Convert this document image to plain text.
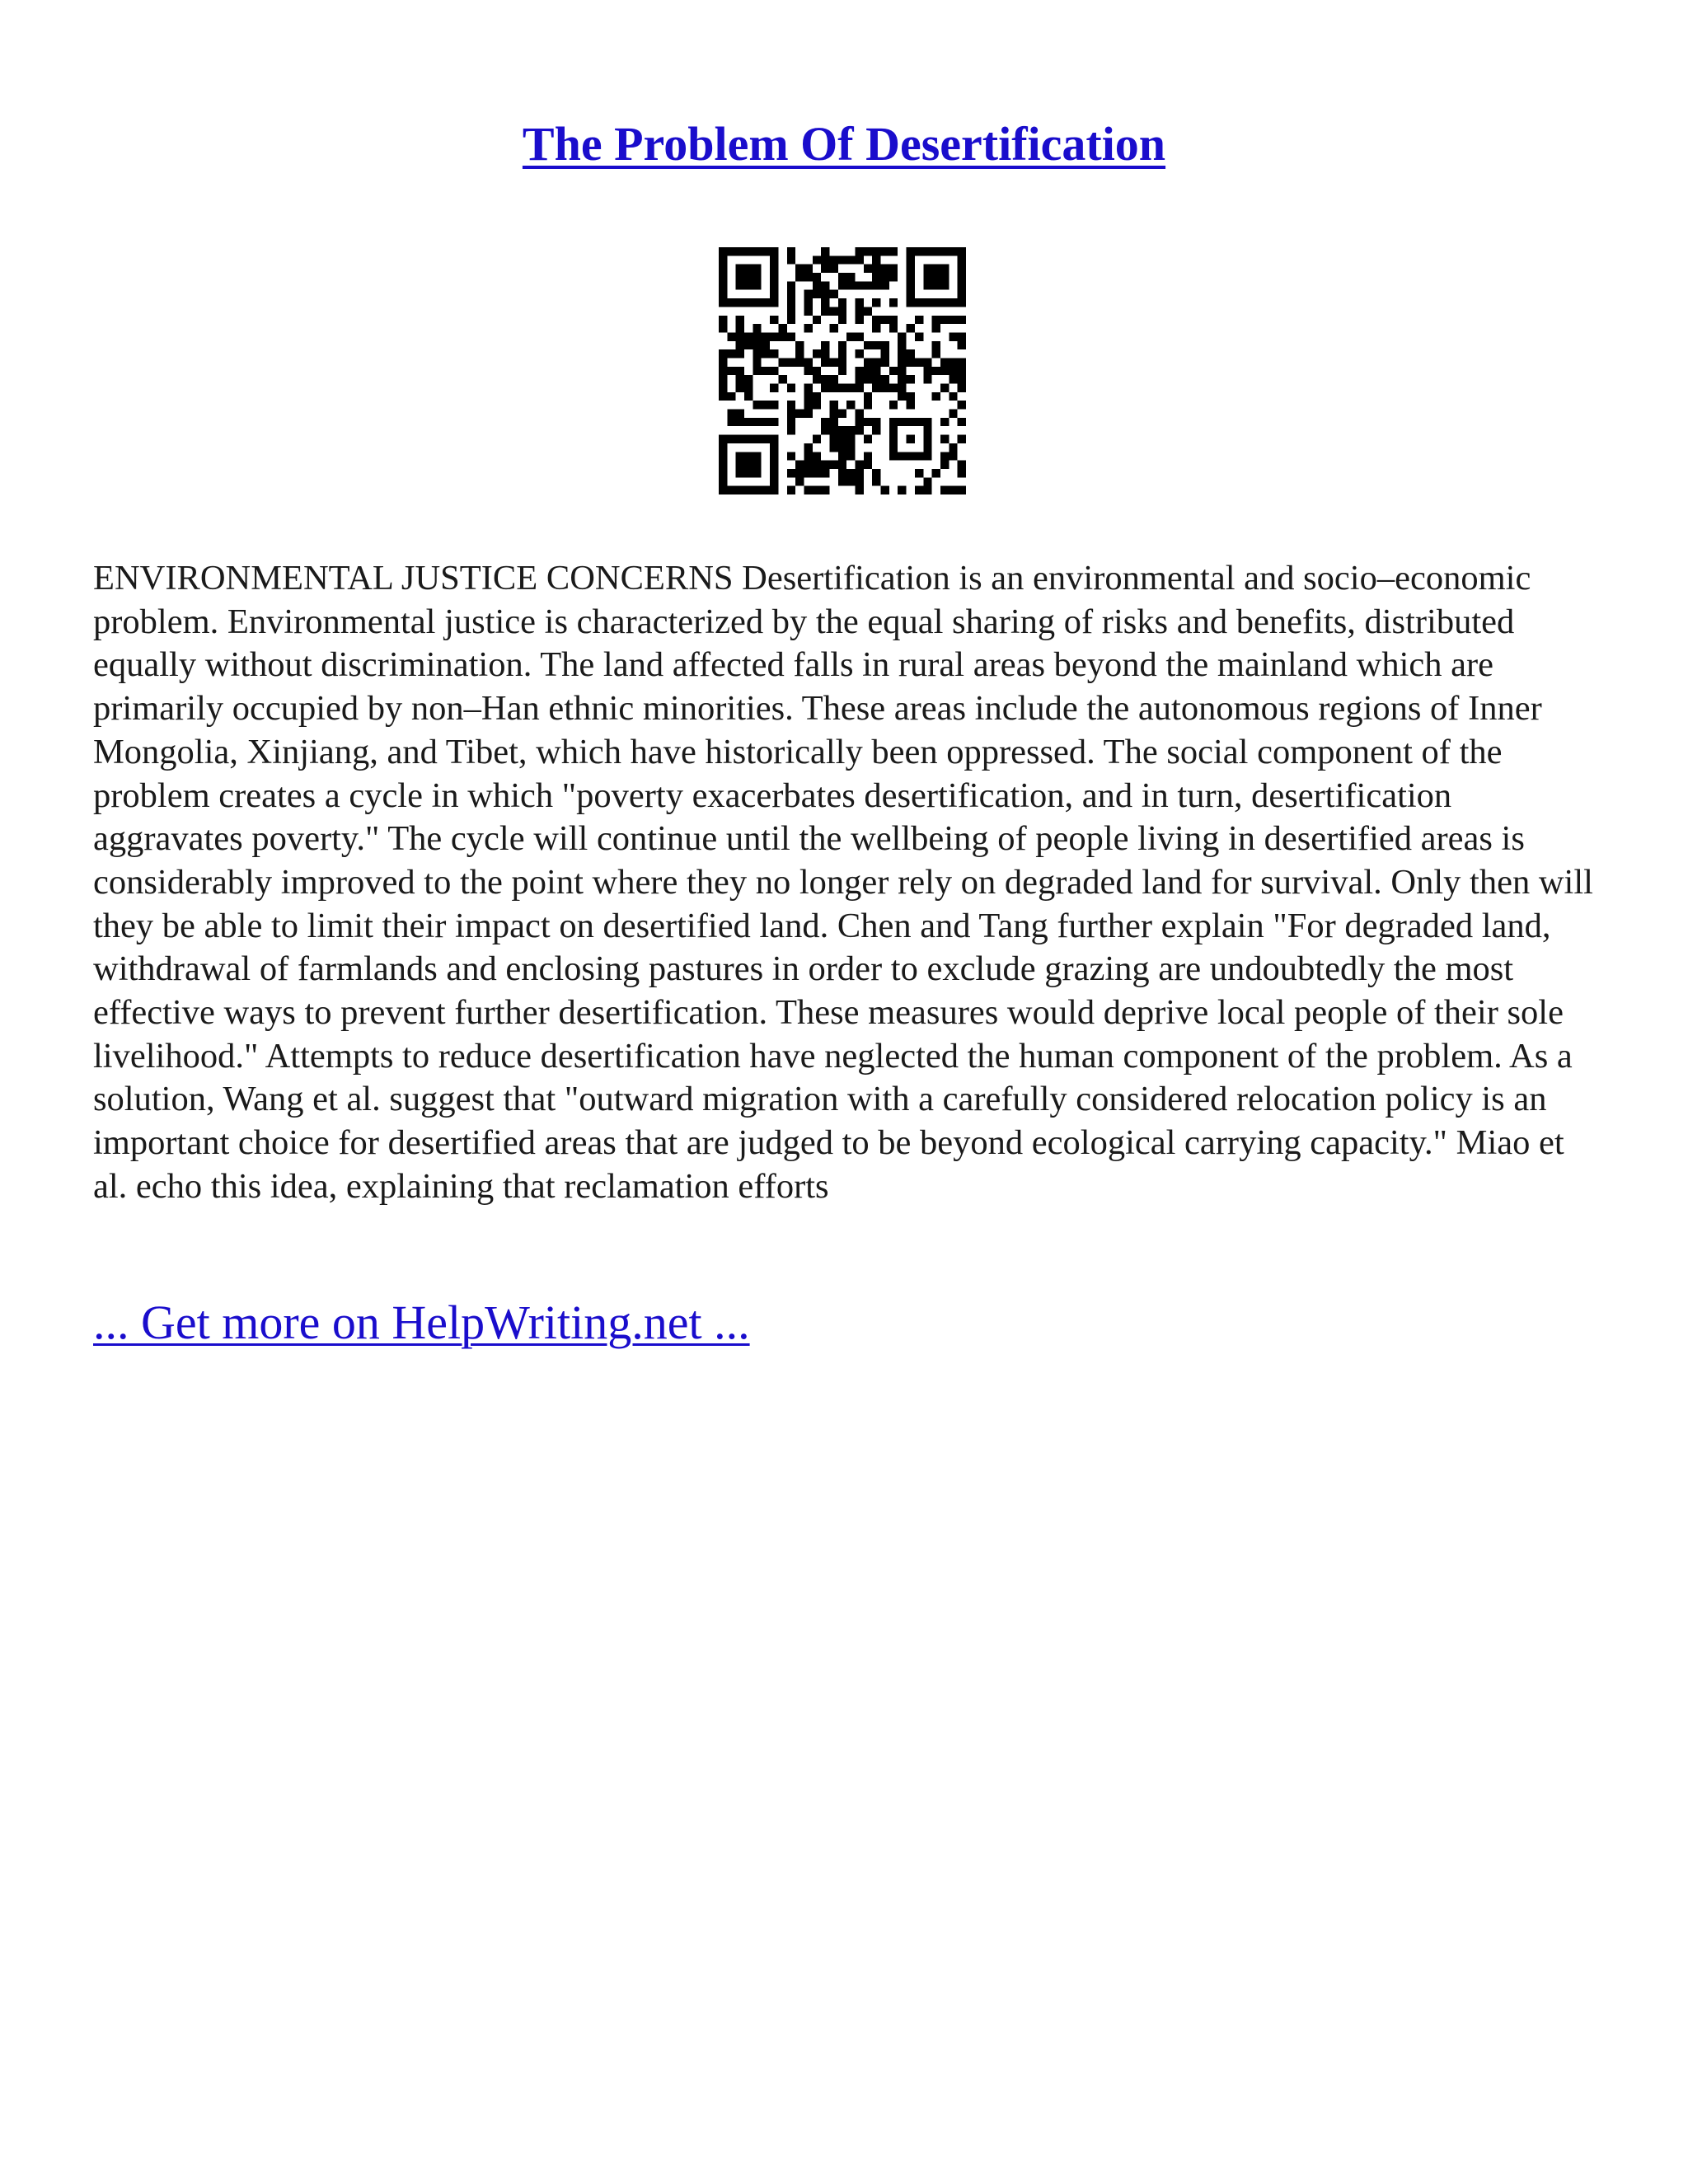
The Problem Of Desertification

ENVIRONMENTAL JUSTICE CONCERNS Desertification is an environmental and socio–economic problem. Environmental justice is characterized by the equal sharing of risks and benefits, distributed equally without discrimination. The land affected falls in rural areas beyond the mainland which are primarily occupied by non–Han ethnic minorities. These areas include the autonomous regions of Inner Mongolia, Xinjiang, and Tibet, which have historically been oppressed. The social component of the problem creates a cycle in which "poverty exacerbates desertification, and in turn, desertification aggravates poverty." The cycle will continue until the wellbeing of people living in desertified areas is considerably improved to the point where they no longer rely on degraded land for survival. Only then will they be able to limit their impact on desertified land. Chen and Tang further explain "For degraded land, withdrawal of farmlands and enclosing pastures in order to exclude grazing are undoubtedly the most effective ways to prevent further desertification. These measures would deprive local people of their sole livelihood." Attempts to reduce desertification have neglected the human component of the problem. As a solution, Wang et al. suggest that "outward migration with a carefully considered relocation policy is an important choice for desertified areas that are judged to be beyond ecological carrying capacity." Miao et al. echo this idea, explaining that reclamation efforts

... Get more on HelpWriting.net ...
